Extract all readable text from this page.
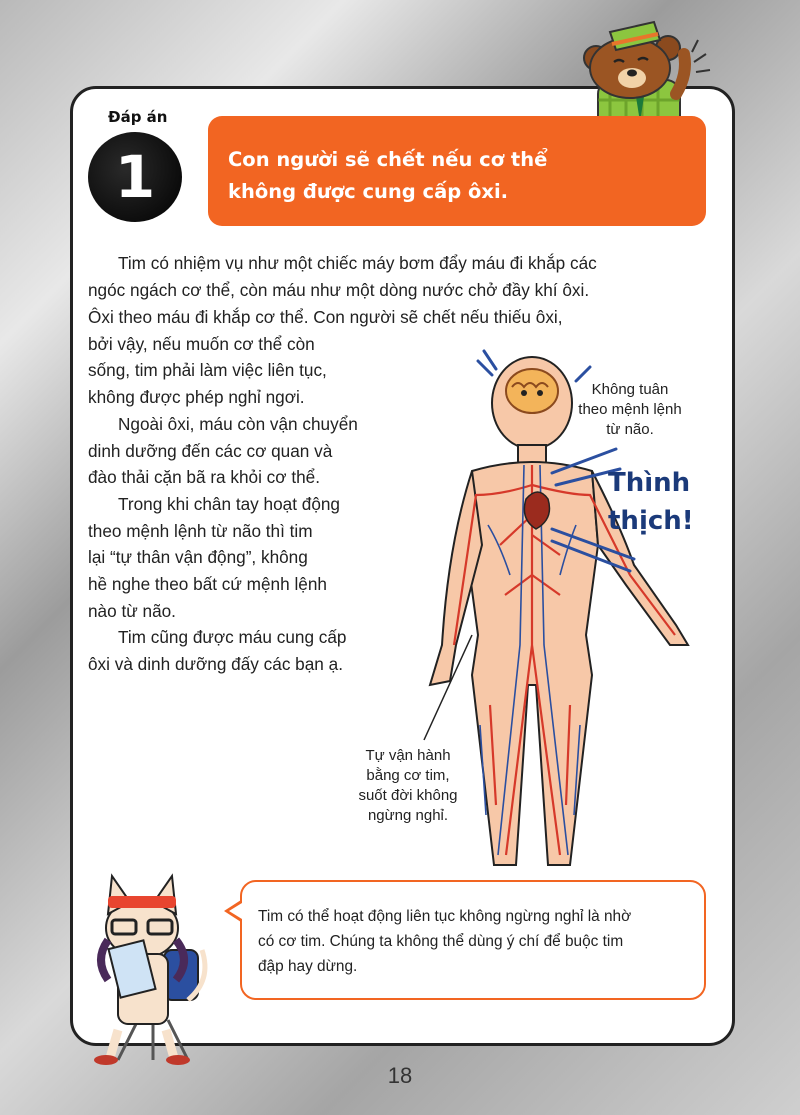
Đáp án
1	Con người sẽ chết nếu cơ thể
không được cung cấp ôxi.
Tim có nhiệm vụ như một chiếc máy bơm đẩy máu đi khắp các
ngóc ngách cơ thể, còn máu như một dòng nước chở đầy khí ôxi.
Ôxi theo máu đi khắp cơ thể. Con người sẽ chết nếu thiếu ôxi,
bởi vậy, nếu muốn cơ thể còn
sống, tim phải làm việc liên tục,
không được phép nghỉ ngơi.
Ngoài ôxi, máu còn vận chuyển
dinh dưỡng đến các cơ quan và
đào thải cặn bã ra khỏi cơ thể.
Trong khi chân tay hoạt động
theo mệnh lệnh từ não thì tim
lại “tự thân vận động”, không
hề nghe theo bất cứ mệnh lệnh
nào từ não.
Tim cũng được máu cung cấp
ôxi và dinh dưỡng đấy các bạn ạ.
Không tuân
theo mệnh lệnh
từ não.
Thình
thịch!
Tự vận hành
bằng cơ tim,
suốt đời không
ngừng nghỉ.
Tim có thể hoạt động liên tục không ngừng nghỉ là nhờ
có cơ tim. Chúng ta không thể dùng ý chí để buộc tim
đập hay dừng.
18
